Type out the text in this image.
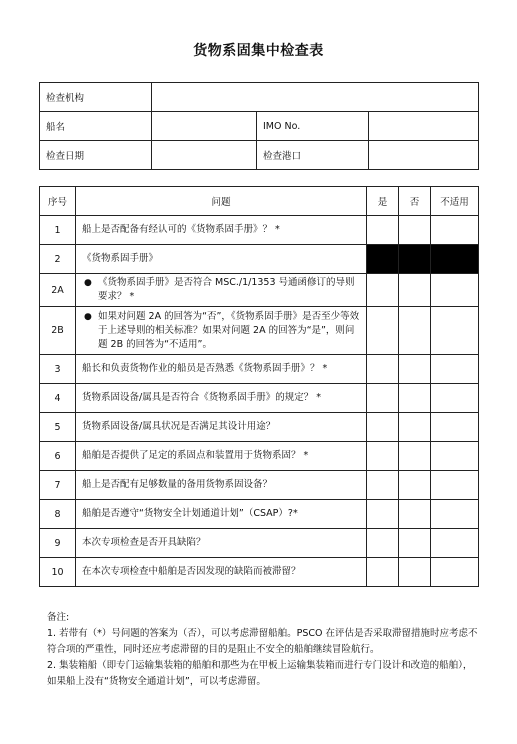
货物系固集中检查表
检查机构			
船名		IMO No.	
检查日期		检查港口	
序号	问题	是	否	不适用
1	船上是否配备有经认可的《货物系固手册》？ *			
2	《货物系固手册》			
2A	● 《货物系固手册》是否符合 MSC./1/1353 号通函修订的导则要求？ *			

2B	● 如果对问题 2A 的回答为“否”，《货物系固手册》是否至少等效于上述导则的相关标准？如果对问题 2A 的回答为“是”，则问题 2B 的回答为“不适用”。			

3	船长和负责货物作业的船员是否熟悉《货物系固手册》？ *			
4	货物系固设备/属具是否符合《货物系固手册》的规定？ *			
5	货物系固设备/属具状况是否满足其设计用途？			
6	船舶是否提供了足定的系固点和装置用于货物系固？ *			
7	船上是否配有足够数量的备用货物系固设备？			
8	船舶是否遵守“货物安全计划通道计划”（CSAP）?*			
9	本次专项检查是否开具缺陷？			
10	在本次专项检查中船舶是否因发现的缺陷而被滞留？			

备注:

1. 若带有（*）号问题的答案为（否），可以考虑滞留船舶。PSCO 在评估是否采取滞留措施时应考虑不符合项的严重性，同时还应考虑滞留的目的是阻止不安全的船舶继续冒险航行。

2. 集装箱船（即专门运输集装箱的船舶和那些为在甲板上运输集装箱而进行专门设计和改造的船舶），如果船上没有“货物安全通道计划”，可以考虑滞留。
